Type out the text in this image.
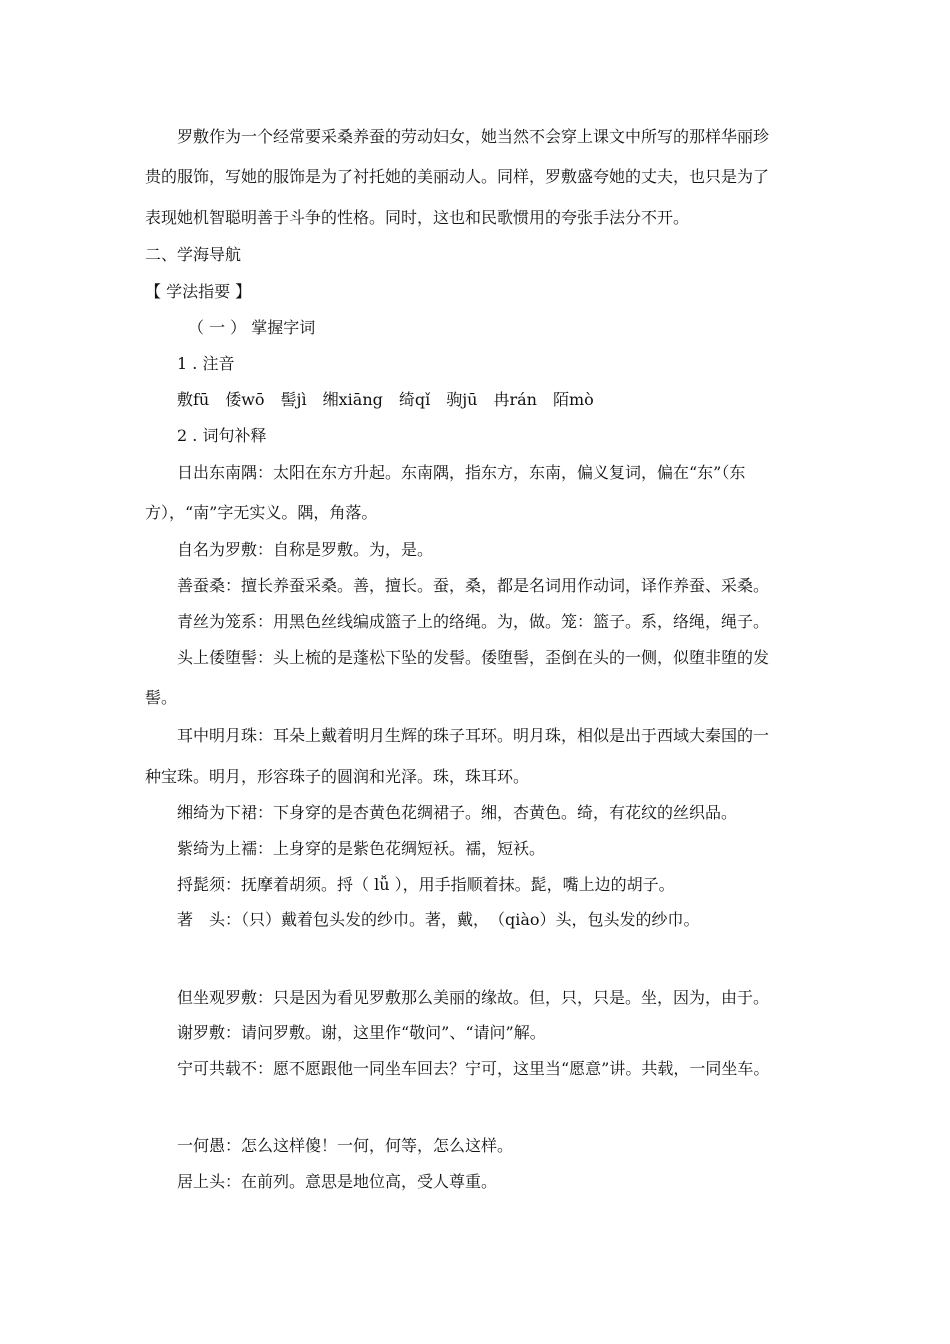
罗敷作为一个经常要采桑养蚕的劳动妇女，她当然不会穿上课文中所写的那样华丽珍
贵的服饰，写她的服饰是为了衬托她的美丽动人。同样，罗敷盛夸她的丈夫，也只是为了
表现她机智聪明善于斗争的性格。同时，这也和民歌惯用的夸张手法分不开。
二、学海导航
【 学法指要 】
（ 一 ） 掌握字词
1 . 注音
敷fū　倭wō　髻jì　缃xiāng　绮qǐ　驹jū　冉rán　陌mò
2 . 词句补释
日出东南隅：太阳在东方升起。东南隅，指东方，东南，偏义复词，偏在“东”（东
方），“南”字无实义。隅，角落。
自名为罗敷：自称是罗敷。为，是。
善蚕桑：擅长养蚕采桑。善，擅长。蚕，桑，都是名词用作动词，译作养蚕、采桑。
青丝为笼系：用黑色丝线编成篮子上的络绳。为，做。笼：篮子。系，络绳，绳子。
头上倭堕髻：头上梳的是蓬松下坠的发髻。倭堕髻，歪倒在头的一侧，似堕非堕的发
髻。
耳中明月珠：耳朵上戴着明月生辉的珠子耳环。明月珠，相似是出于西域大秦国的一
种宝珠。明月，形容珠子的圆润和光泽。珠，珠耳环。
缃绮为下裙：下身穿的是杏黄色花绸裙子。缃，杏黄色。绮，有花纹的丝织品。
紫绮为上襦：上身穿的是紫色花绸短袄。襦，短袄。
捋髭须：抚摩着胡须。捋（ lǚ ），用手指顺着抹。髭，嘴上边的胡子。
著　头：（只）戴着包头发的纱巾。著，戴，　（qiào）头，包头发的纱巾。
但坐观罗敷：只是因为看见罗敷那么美丽的缘故。但，只，只是。坐，因为，由于。
谢罗敷：请问罗敷。谢，这里作“敬问”、“请问”解。
宁可共载不：愿不愿跟他一同坐车回去？宁可，这里当“愿意”讲。共载，一同坐车。
一何愚：怎么这样傻！一何，何等，怎么这样。
居上头：在前列。意思是地位高，受人尊重。
